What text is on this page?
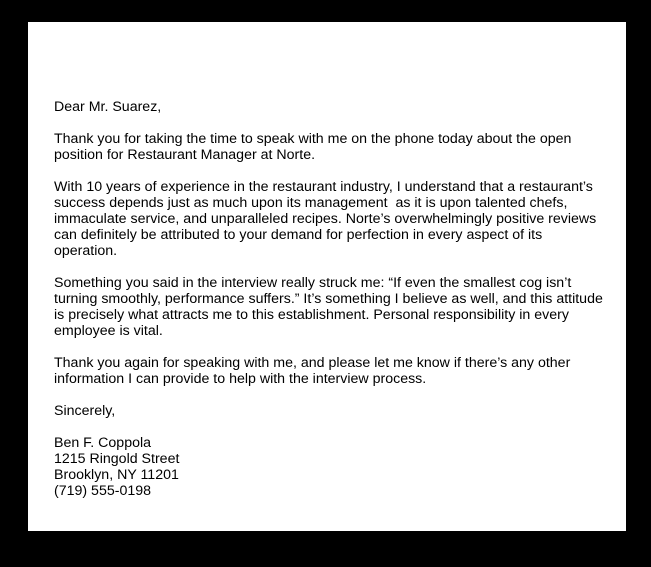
Dear Mr. Suarez,
Thank you for taking the time to speak with me on the phone today about the open
position for Restaurant Manager at Norte.
With 10 years of experience in the restaurant industry, I understand that a restaurant’s
success depends just as much upon its management  as it is upon talented chefs,
immaculate service, and unparalleled recipes. Norte’s overwhelmingly positive reviews
can definitely be attributed to your demand for perfection in every aspect of its
operation.
Something you said in the interview really struck me: “If even the smallest cog isn’t
turning smoothly, performance suffers.” It’s something I believe as well, and this attitude
is precisely what attracts me to this establishment. Personal responsibility in every
employee is vital.
Thank you again for speaking with me, and please let me know if there’s any other
information I can provide to help with the interview process.
Sincerely,
Ben F. Coppola
1215 Ringold Street
Brooklyn, NY 11201
(719) 555-0198
